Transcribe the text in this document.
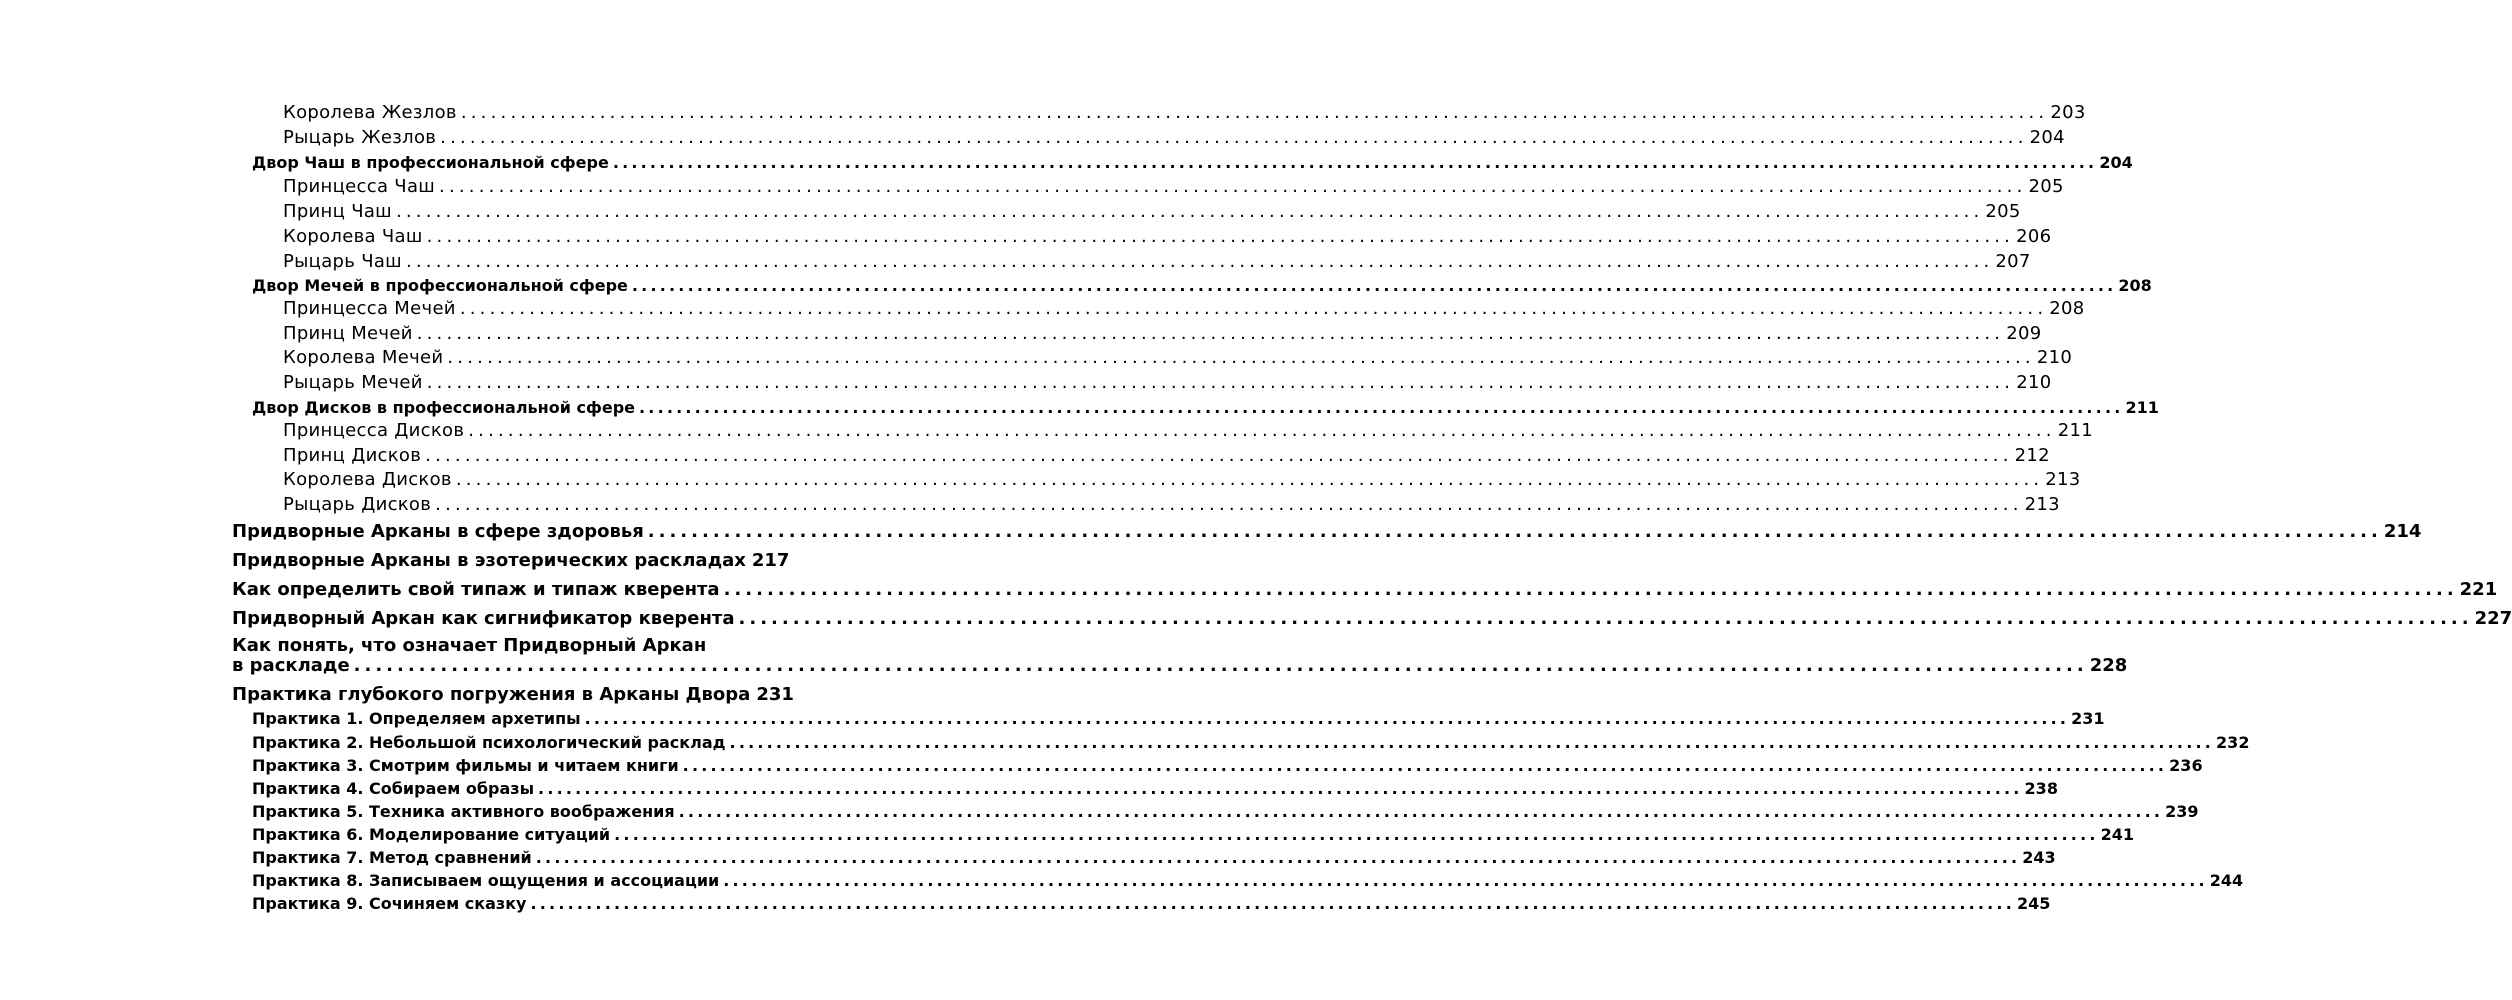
Королева Жезлов ................................................................................................................................................................ 203
Рыцарь Жезлов ................................................................................................................................................................ 204
Двор Чаш в профессиональной сфере ................................................................................................................................................................ 204
Принцесса Чаш ................................................................................................................................................................ 205
Принц Чаш ................................................................................................................................................................ 205
Королева Чаш ................................................................................................................................................................ 206
Рыцарь Чаш ................................................................................................................................................................ 207
Двор Мечей в профессиональной сфере ................................................................................................................................................................ 208
Принцесса Мечей ................................................................................................................................................................ 208
Принц Мечей ................................................................................................................................................................ 209
Королева Мечей ................................................................................................................................................................ 210
Рыцарь Мечей ................................................................................................................................................................ 210
Двор Дисков в профессиональной сфере ................................................................................................................................................................ 211
Принцесса Дисков ................................................................................................................................................................ 211
Принц Дисков ................................................................................................................................................................ 212
Королева Дисков ................................................................................................................................................................ 213
Рыцарь Дисков ................................................................................................................................................................ 213
Придворные Арканы в сфере здоровья ................................................................................................................................................................ 214
Придворные Арканы в эзотерических раскладах 217
Как определить свой типаж и типаж кверента ................................................................................................................................................................ 221
Придворный Аркан как сигнификатор кверента ................................................................................................................................................................ 227
Как понять, что означает Придворный Аркан
в раскладе ................................................................................................................................................................ 228
Практика глубокого погружения в Арканы Двора 231
Практика 1. Определяем архетипы ................................................................................................................................................................ 231
Практика 2. Небольшой психологический расклад ................................................................................................................................................................ 232
Практика 3. Смотрим фильмы и читаем книги ................................................................................................................................................................ 236
Практика 4. Собираем образы ................................................................................................................................................................ 238
Практика 5. Техника активного воображения ................................................................................................................................................................ 239
Практика 6. Моделирование ситуаций ................................................................................................................................................................ 241
Практика 7. Метод сравнений ................................................................................................................................................................ 243
Практика 8. Записываем ощущения и ассоциации ................................................................................................................................................................ 244
Практика 9. Сочиняем сказку ................................................................................................................................................................ 245
